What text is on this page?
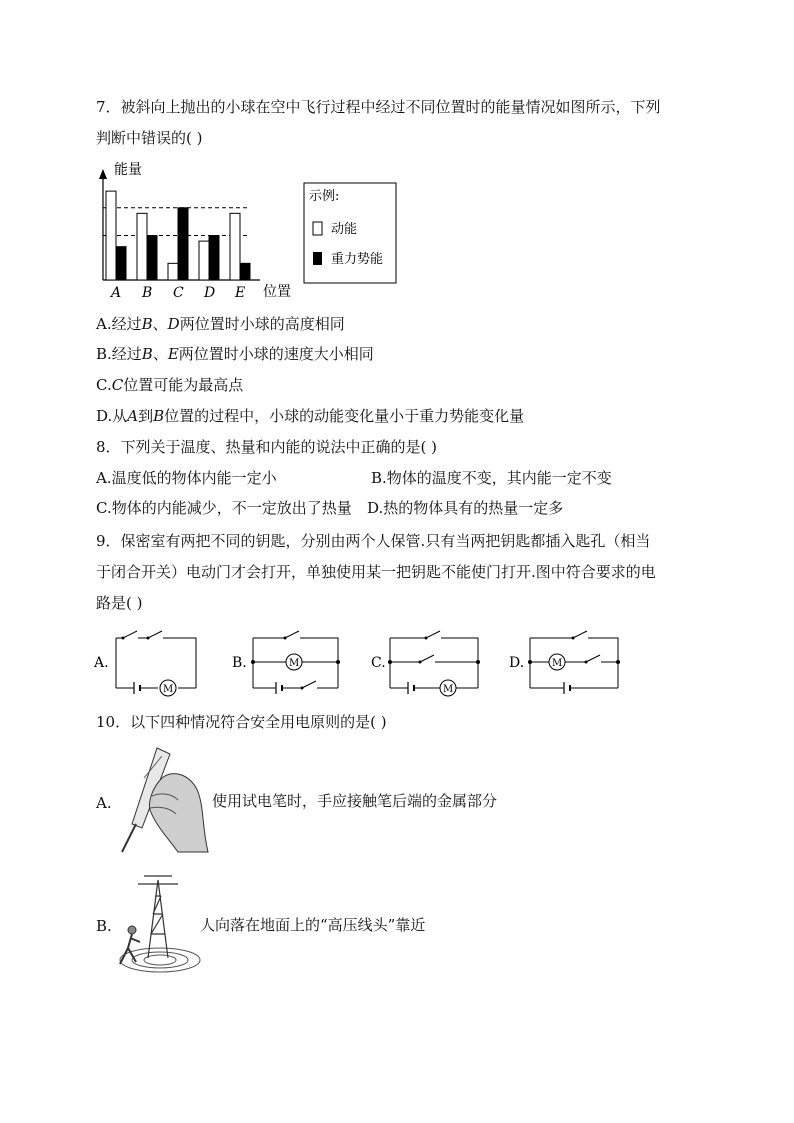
7．被斜向上抛出的小球在空中飞行过程中经过不同位置时的能量情况如图所示，下列
判断中错误的( )
能量
位置
A B C D E
示例:
动能
重力势能
A.经过B、D两位置时小球的高度相同
B.经过B、E两位置时小球的速度大小相同
C.C位置可能为最高点
D.从A到B位置的过程中，小球的动能变化量小于重力势能变化量
8．下列关于温度、热量和内能的说法中正确的是( )
A.温度低的物体内能一定小	B.物体的温度不变，其内能一定不变
C.物体的内能减少，不一定放出了热量 D.热的物体具有的热量一定多
9．保密室有两把不同的钥匙，分别由两个人保管.只有当两把钥匙都插入匙孔（相当
于闭合开关）电动门才会打开，单独使用某一把钥匙不能使门打开.图中符合要求的电
路是( )
A.
M
B.	M	C.
M
D.	M
10．以下四种情况符合安全用电原则的是( )
A.	使用试电笔时，手应接触笔后端的金属部分
B.	人向落在地面上的“高压线头”靠近
